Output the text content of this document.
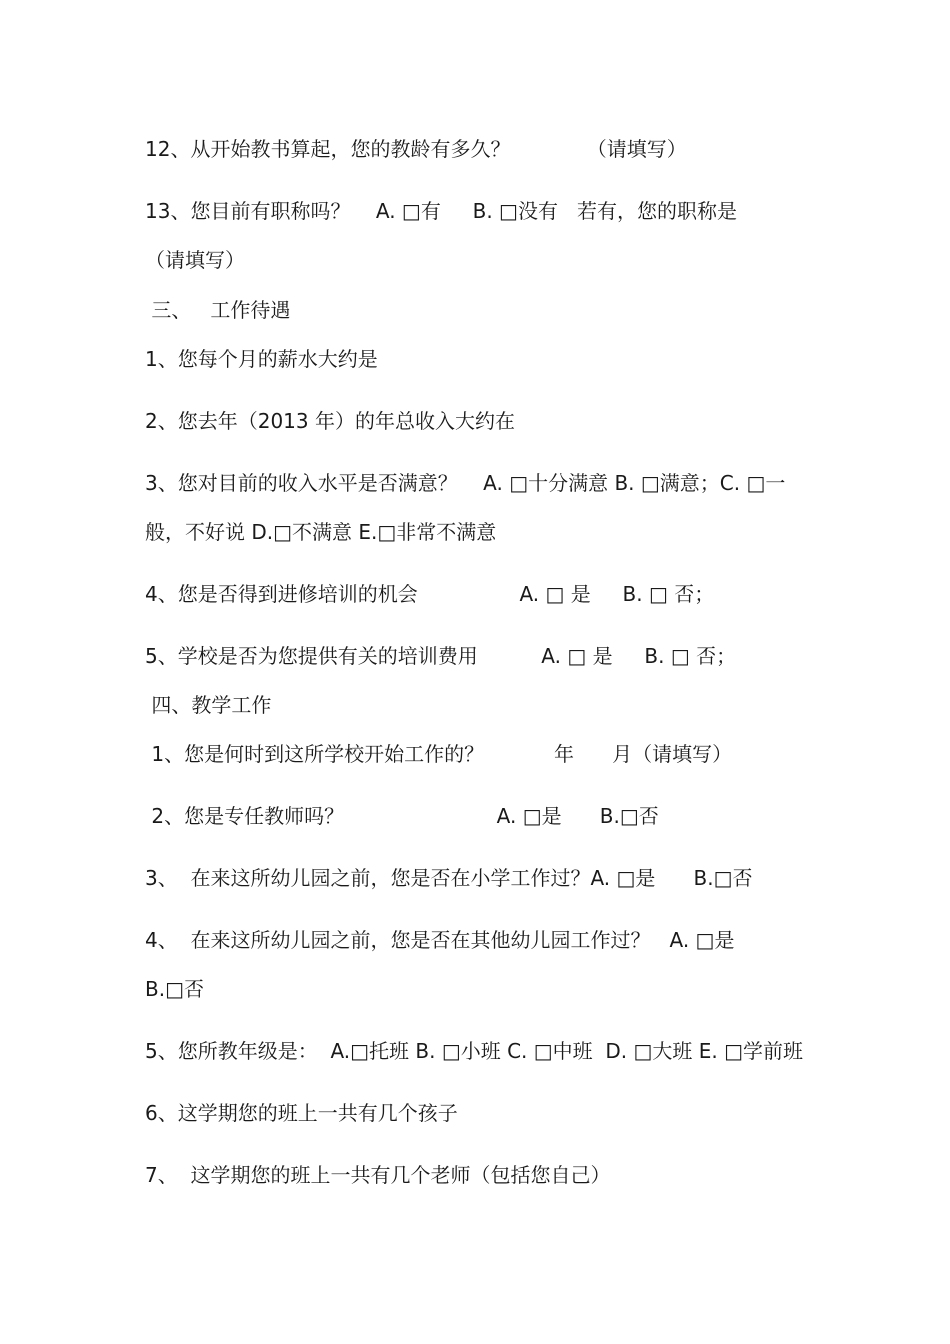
12、从开始教书算起，您的教龄有多久？            （请填写）
13、您目前有职称吗？    A. □有     B. □没有   若有，您的职称是
（请填写）
三、   工作待遇
1、您每个月的薪水大约是
2、您去年（2013 年）的年总收入大约在
3、您对目前的收入水平是否满意？    A. □十分满意 B. □满意；C. □一
般，不好说 D.□不满意 E.□非常不满意
4、您是否得到进修培训的机会                A. □ 是     B. □ 否；
5、学校是否为您提供有关的培训费用          A. □ 是     B. □ 否；
四、教学工作
1、您是何时到这所学校开始工作的？           年      月（请填写）
2、您是专任教师吗？                        A. □是      B.□否
3、  在来这所幼儿园之前，您是否在小学工作过？A. □是      B.□否
4、  在来这所幼儿园之前，您是否在其他幼儿园工作过？   A. □是
B.□否
5、您所教年级是：  A.□托班 B. □小班 C. □中班  D. □大班 E. □学前班
6、这学期您的班上一共有几个孩子
7、  这学期您的班上一共有几个老师（包括您自己）
